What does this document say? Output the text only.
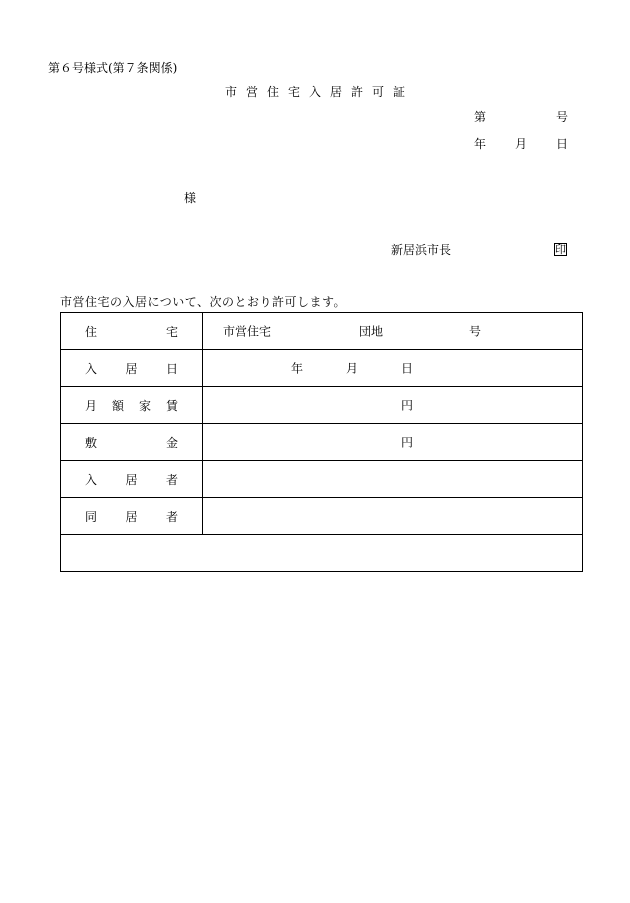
第６号様式(第７条関係)
市営住宅入居許可証
第	号
年 月 日
様
新居浜市長	印
市営住宅の入居について、次のとおり許可します。
住 宅	市営住宅 団地 号

入 居 日	年 月 日

月 額 家 賃	円

敷 金	円

入 居 者	

同 居 者	
